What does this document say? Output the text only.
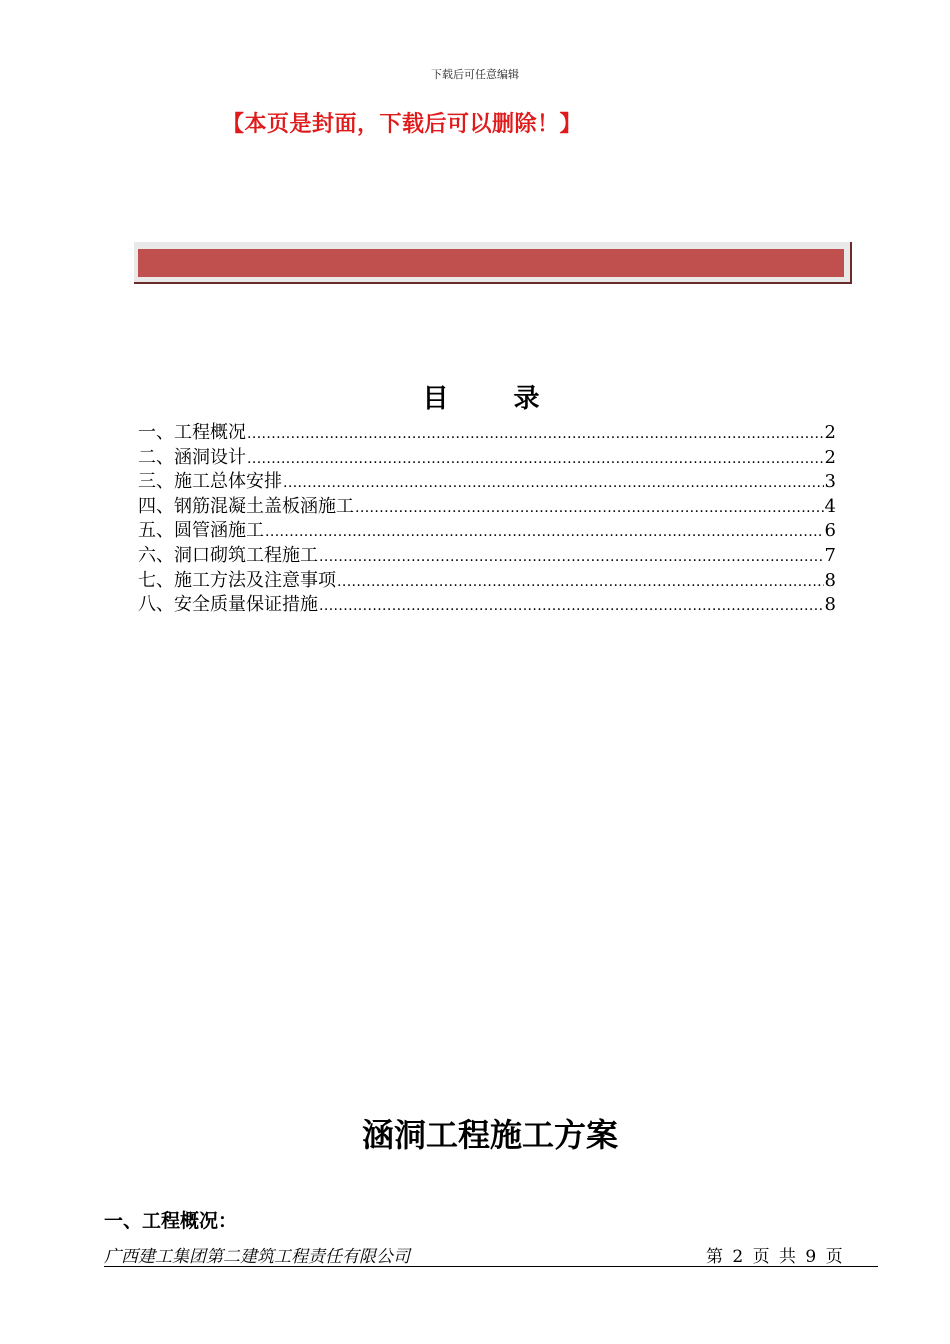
下载后可任意编辑
【本页是封面，下载后可以删除！】
目 录
一、工程概况 .....	2
二、涵洞设计 .....	2
三、施工总体安排 .....	3
四、钢筋混凝土盖板涵施工 .....	4
五、圆管涵施工 .....	6
六、洞口砌筑工程施工 .....	7
七、施工方法及注意事项 .....	8
八、安全质量保证措施 .....	8
涵洞工程施工方案
一、工程概况：
广西建工集团第二建筑工程责任有限公司	第 2 页 共 9 页
